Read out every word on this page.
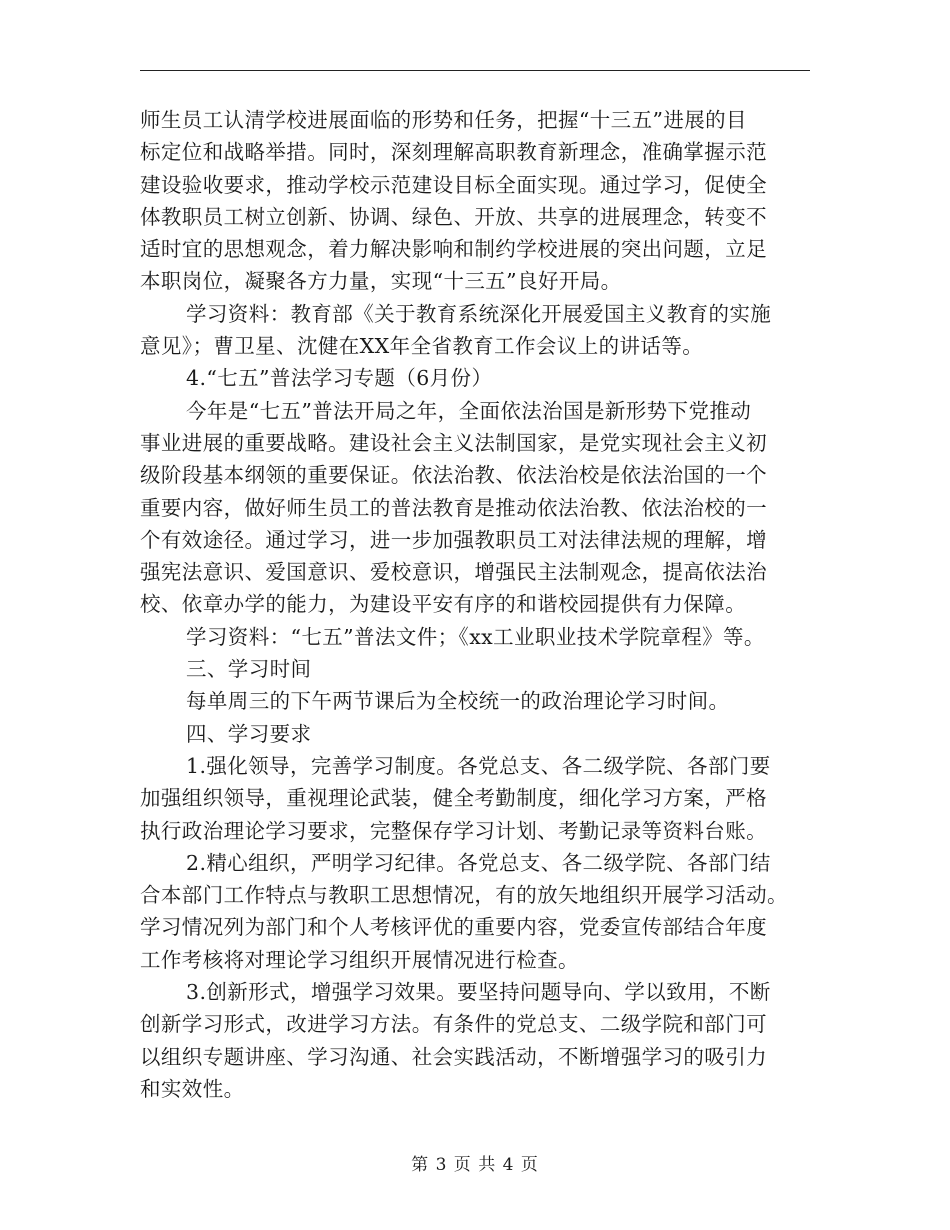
师生员工认清学校进展面临的形势和任务，把握“十三五”进展的目
标定位和战略举措。同时，深刻理解高职教育新理念，准确掌握示范
建设验收要求，推动学校示范建设目标全面实现。通过学习，促使全
体教职员工树立创新、协调、绿色、开放、共享的进展理念，转变不
适时宜的思想观念，着力解决影响和制约学校进展的突出问题，立足
本职岗位，凝聚各方力量，实现“十三五”良好开局。
学习资料：教育部《关于教育系统深化开展爱国主义教育的实施
意见》；曹卫星、沈健在XX年全省教育工作会议上的讲话等。
4.“七五”普法学习专题（6月份）
今年是“七五”普法开局之年，全面依法治国是新形势下党推动
事业进展的重要战略。建设社会主义法制国家，是党实现社会主义初
级阶段基本纲领的重要保证。依法治教、依法治校是依法治国的一个
重要内容，做好师生员工的普法教育是推动依法治教、依法治校的一
个有效途径。通过学习，进一步加强教职员工对法律法规的理解，增
强宪法意识、爱国意识、爱校意识，增强民主法制观念，提高依法治
校、依章办学的能力，为建设平安有序的和谐校园提供有力保障。
学习资料：“七五”普法文件；《xx工业职业技术学院章程》等。
三、学习时间
每单周三的下午两节课后为全校统一的政治理论学习时间。
四、学习要求
1.强化领导，完善学习制度。各党总支、各二级学院、各部门要
加强组织领导，重视理论武装，健全考勤制度，细化学习方案，严格
执行政治理论学习要求，完整保存学习计划、考勤记录等资料台账。
2.精心组织，严明学习纪律。各党总支、各二级学院、各部门结
合本部门工作特点与教职工思想情况，有的放矢地组织开展学习活动。
学习情况列为部门和个人考核评优的重要内容，党委宣传部结合年度
工作考核将对理论学习组织开展情况进行检查。
3.创新形式，增强学习效果。要坚持问题导向、学以致用，不断
创新学习形式，改进学习方法。有条件的党总支、二级学院和部门可
以组织专题讲座、学习沟通、社会实践活动，不断增强学习的吸引力
和实效性。
第 3 页 共 4 页
